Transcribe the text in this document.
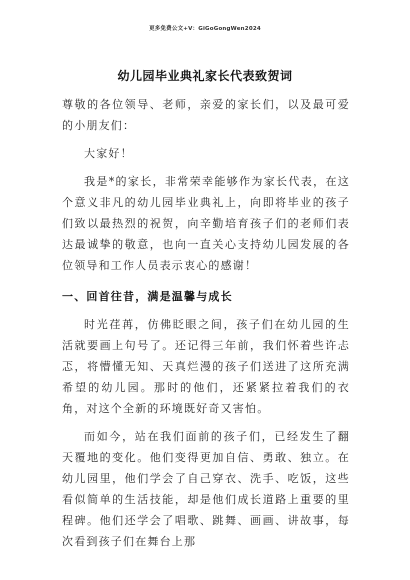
更多免费公文+V：GiGoGongWen2024
幼儿园毕业典礼家长代表致贺词

尊敬的各位领导、老师，亲爱的家长们，以及最可爱的小朋友们：

大家好！

我是*的家长，非常荣幸能够作为家长代表，在这个意义非凡的幼儿园毕业典礼上，向即将毕业的孩子们致以最热烈的祝贺，向辛勤培育孩子们的老师们表达最诚挚的敬意，也向一直关心支持幼儿园发展的各位领导和工作人员表示衷心的感谢！

一、回首往昔，满是温馨与成长

时光荏苒，仿佛眨眼之间，孩子们在幼儿园的生活就要画上句号了。还记得三年前，我们怀着些许忐忑，将懵懂无知、天真烂漫的孩子们送进了这所充满希望的幼儿园。那时的他们，还紧紧拉着我们的衣角，对这个全新的环境既好奇又害怕。

而如今，站在我们面前的孩子们，已经发生了翻天覆地的变化。他们变得更加自信、勇敢、独立。在幼儿园里，他们学会了自己穿衣、洗手、吃饭，这些看似简单的生活技能，却是他们成长道路上重要的里程碑。他们还学会了唱歌、跳舞、画画、讲故事，每次看到孩子们在舞台上那
